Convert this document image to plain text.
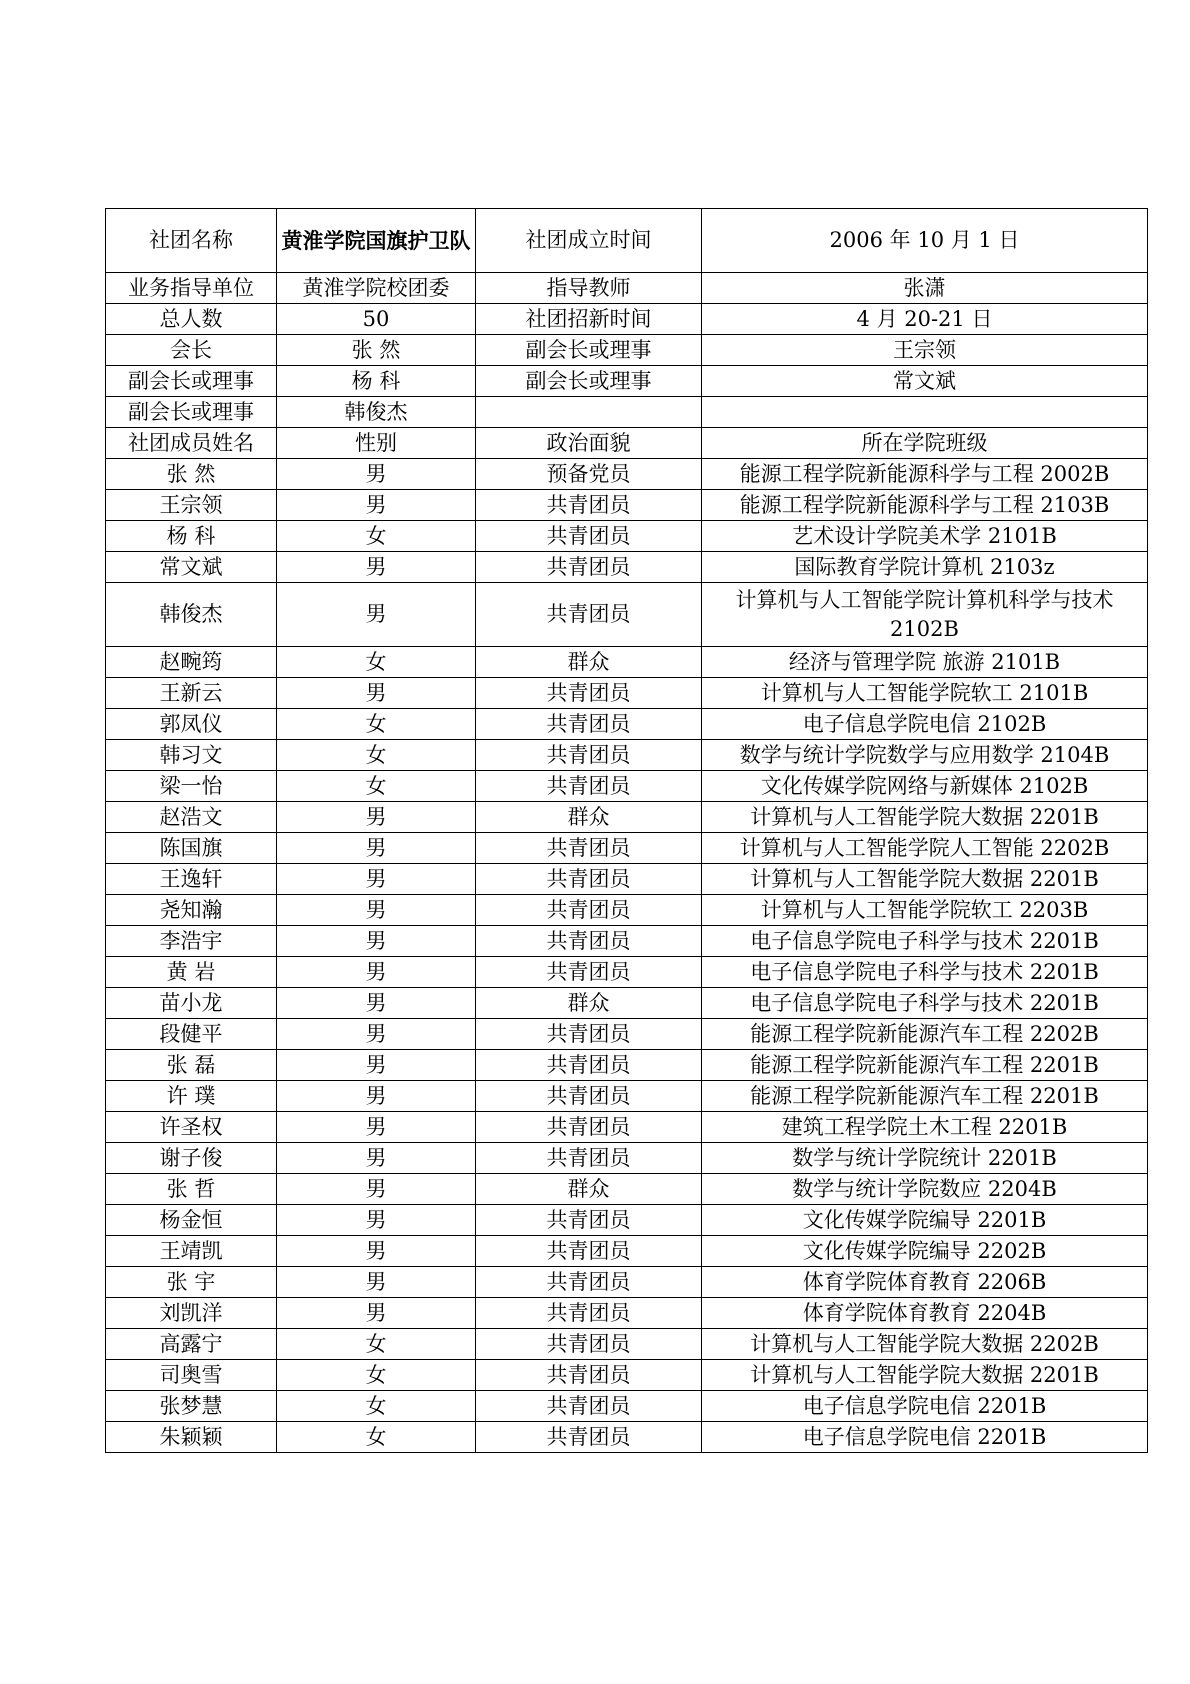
社团名称	黄淮学院国旗护卫队	社团成立时间	2006 年 10 月 1 日
业务指导单位	黄淮学院校团委	指导教师	张潇
总人数	50	社团招新时间	4 月 20-21 日
会长	张 然	副会长或理事	王宗领
副会长或理事	杨 科	副会长或理事	常文斌
副会长或理事	韩俊杰		
社团成员姓名	性别	政治面貌	所在学院班级
张 然	男	预备党员	能源工程学院新能源科学与工程 2002B
王宗领	男	共青团员	能源工程学院新能源科学与工程 2103B
杨 科	女	共青团员	艺术设计学院美术学 2101B
常文斌	男	共青团员	国际教育学院计算机 2103z
韩俊杰	男	共青团员	计算机与人工智能学院计算机科学与技术 2102B
赵畹筠	女	群众	经济与管理学院 旅游 2101B
王新云	男	共青团员	计算机与人工智能学院软工 2101B
郭凤仪	女	共青团员	电子信息学院电信 2102B
韩习文	女	共青团员	数学与统计学院数学与应用数学 2104B
梁一怡	女	共青团员	文化传媒学院网络与新媒体 2102B
赵浩文	男	群众	计算机与人工智能学院大数据 2201B
陈国旗	男	共青团员	计算机与人工智能学院人工智能 2202B
王逸轩	男	共青团员	计算机与人工智能学院大数据 2201B
尧知瀚	男	共青团员	计算机与人工智能学院软工 2203B
李浩宇	男	共青团员	电子信息学院电子科学与技术 2201B
黄 岩	男	共青团员	电子信息学院电子科学与技术 2201B
苗小龙	男	群众	电子信息学院电子科学与技术 2201B
段健平	男	共青团员	能源工程学院新能源汽车工程 2202B
张 磊	男	共青团员	能源工程学院新能源汽车工程 2201B
许 璞	男	共青团员	能源工程学院新能源汽车工程 2201B
许圣权	男	共青团员	建筑工程学院土木工程 2201B
谢子俊	男	共青团员	数学与统计学院统计 2201B
张 哲	男	群众	数学与统计学院数应 2204B
杨金恒	男	共青团员	文化传媒学院编导 2201B
王靖凯	男	共青团员	文化传媒学院编导 2202B
张 宇	男	共青团员	体育学院体育教育 2206B
刘凯洋	男	共青团员	体育学院体育教育 2204B
高露宁	女	共青团员	计算机与人工智能学院大数据 2202B
司奥雪	女	共青团员	计算机与人工智能学院大数据 2201B
张梦慧	女	共青团员	电子信息学院电信 2201B
朱颖颖	女	共青团员	电子信息学院电信 2201B
